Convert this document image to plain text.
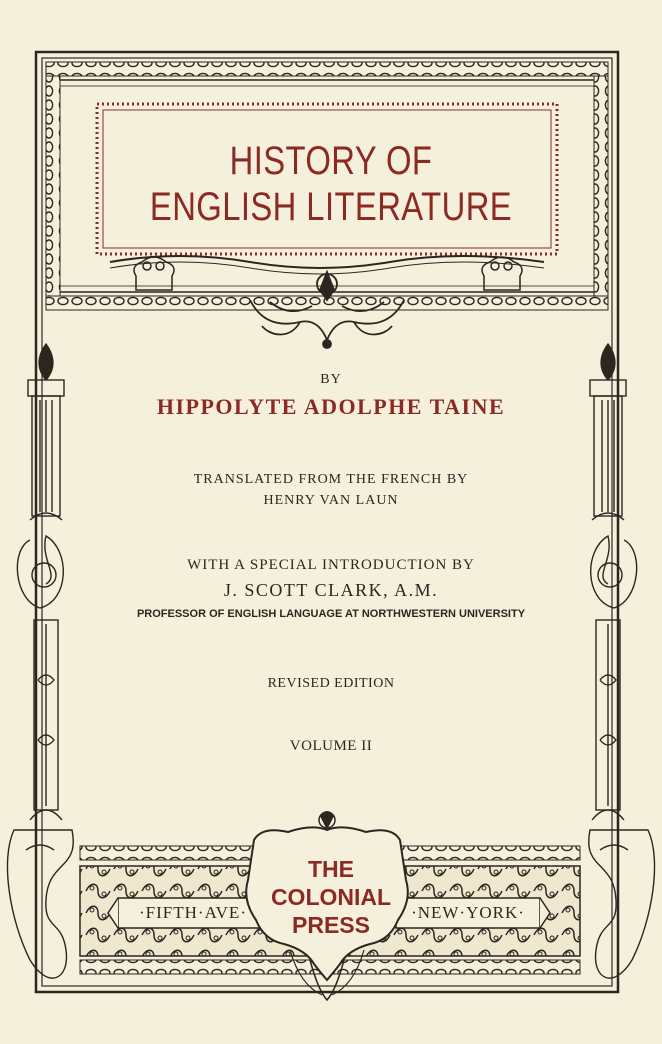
HISTORY OF
ENGLISH LITERATURE
BY
HIPPOLYTE ADOLPHE TAINE
TRANSLATED FROM THE FRENCH BY
HENRY VAN LAUN
WITH A SPECIAL INTRODUCTION BY
J. SCOTT CLARK, A.M.
PROFESSOR OF ENGLISH LANGUAGE AT NORTHWESTERN UNIVERSITY
REVISED EDITION
VOLUME II
THE
COLONIAL
PRESS
·FIFTH·AVE·	·NEW·YORK·
